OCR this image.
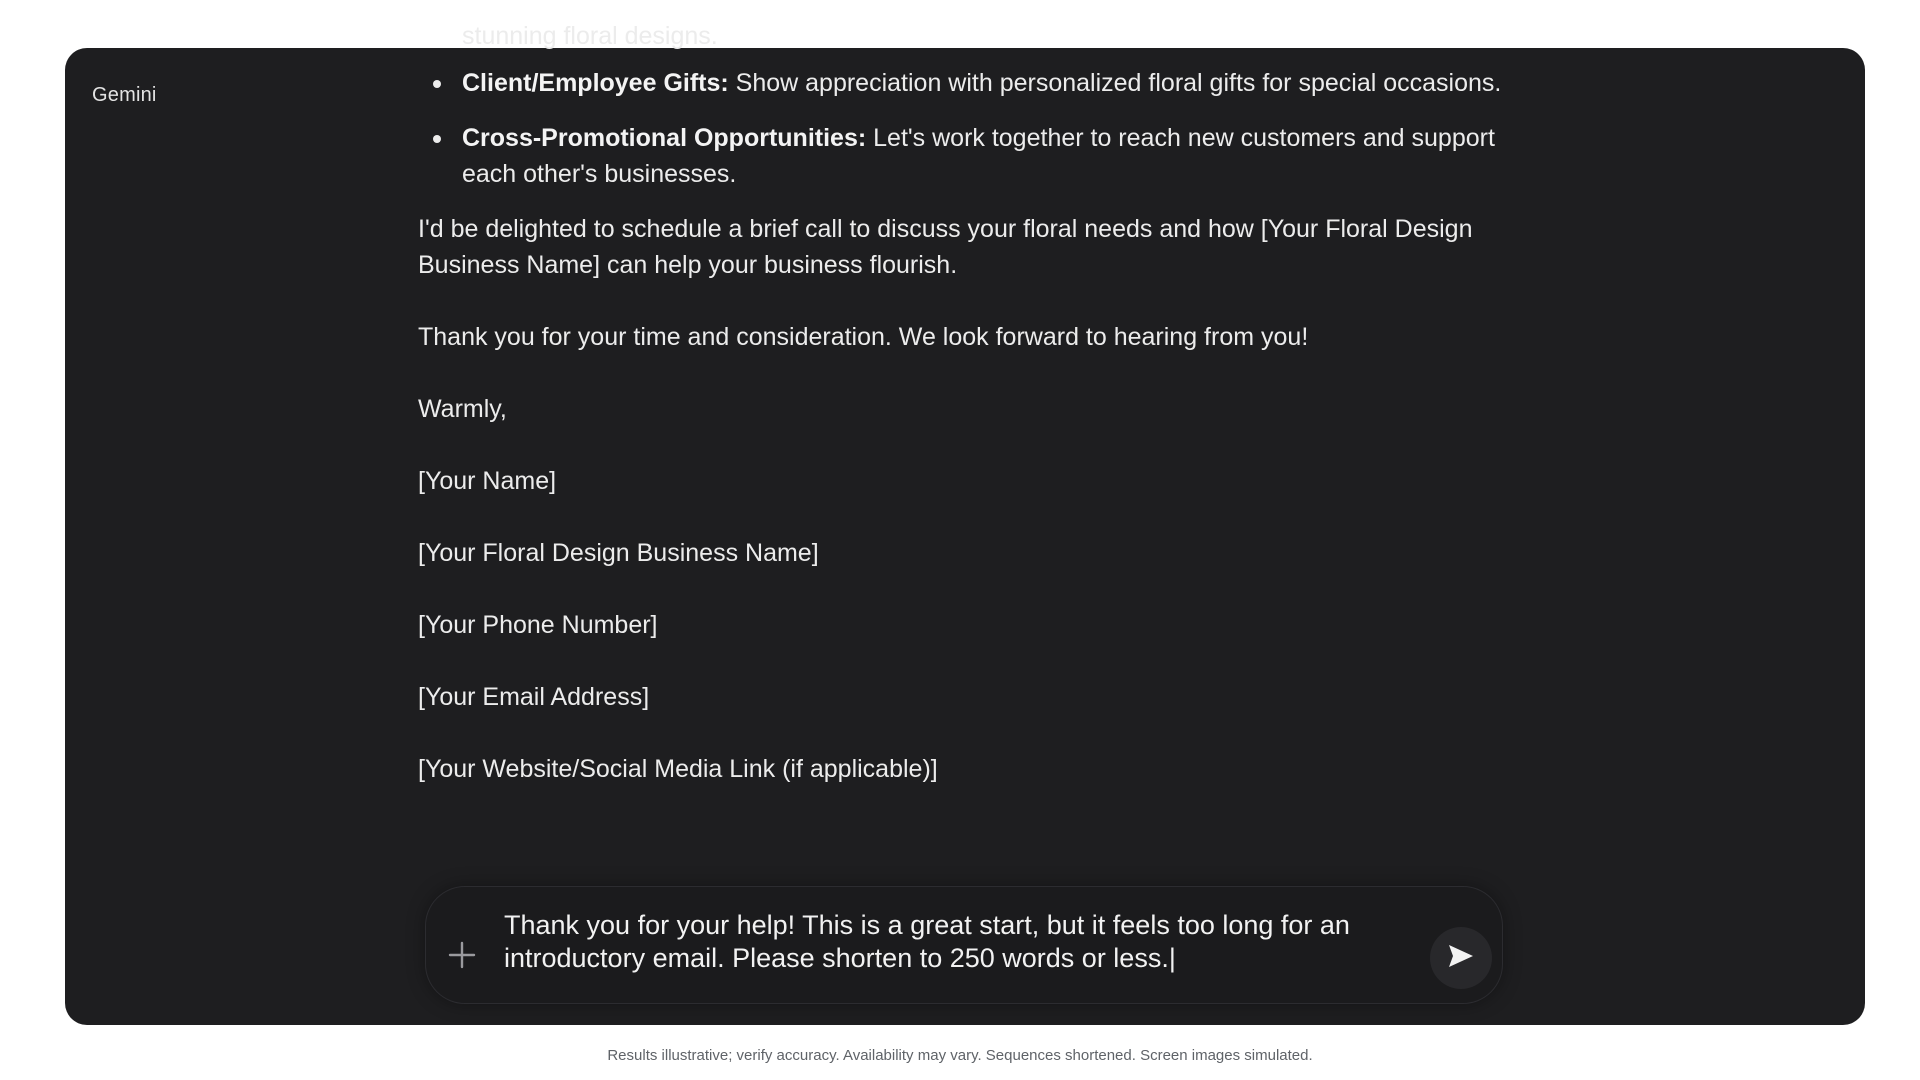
Gemini
stunning floral designs.
Client/Employee Gifts: Show appreciation with personalized floral gifts for special occasions.
Cross-Promotional Opportunities: Let's work together to reach new customers and support each other's businesses.

I'd be delighted to schedule a brief call to discuss your floral needs and how [Your Floral Design Business Name] can help your business flourish.

Thank you for your time and consideration. We look forward to hearing from you!

Warmly,

[Your Name]

[Your Floral Design Business Name]

[Your Phone Number]

[Your Email Address]

[Your Website/Social Media Link (if applicable)]

Thank you for your help! This is a great start, but it feels too long for an introductory email. Please shorten to 250 words or less.|
Results illustrative; verify accuracy. Availability may vary. Sequences shortened. Screen images simulated.
